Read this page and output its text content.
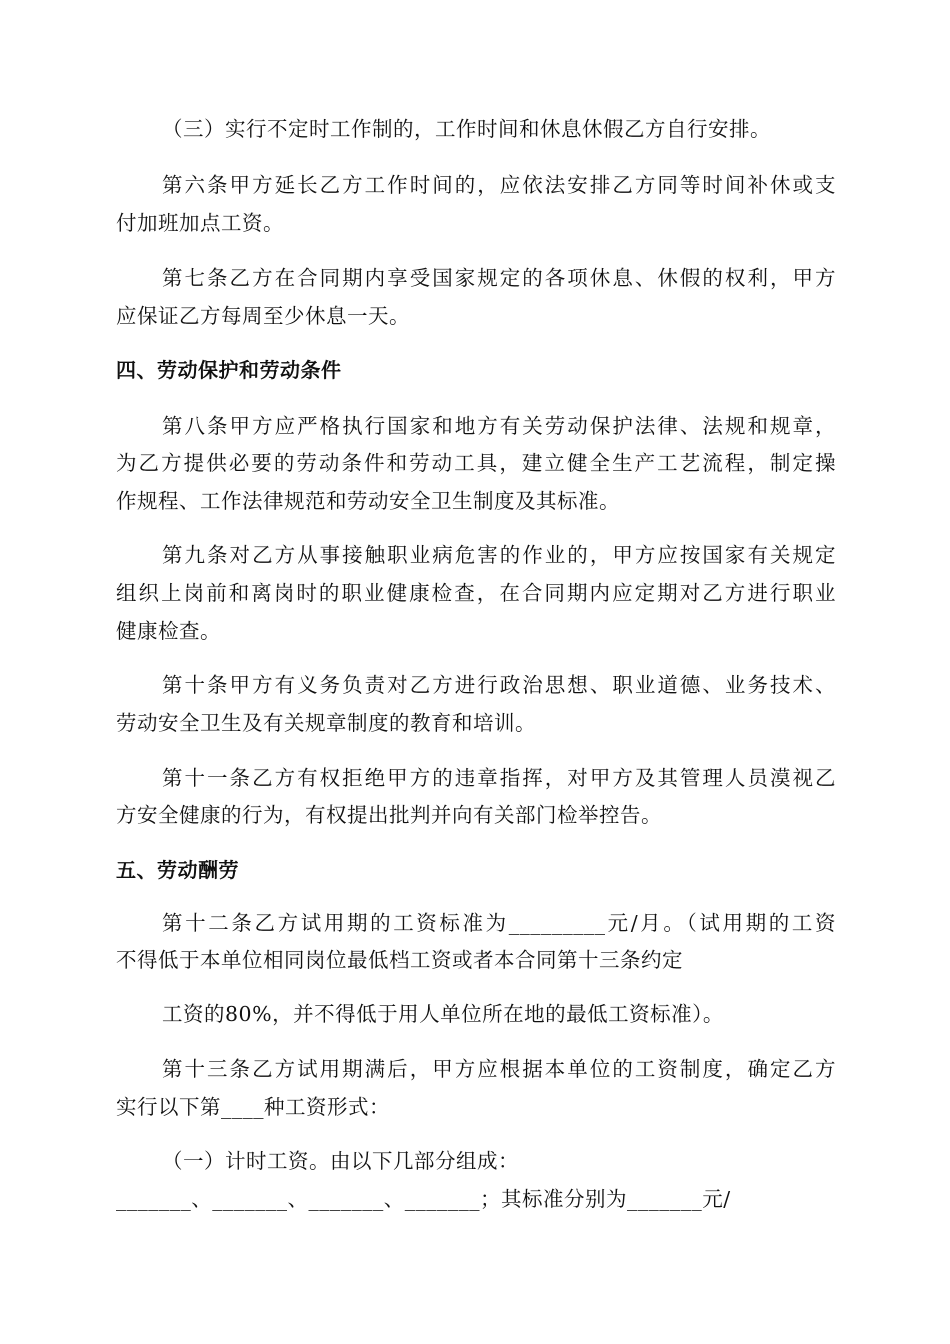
（三）实行不定时工作制的，工作时间和休息休假乙方自行安排。
第六条甲方延长乙方工作时间的，应依法安排乙方同等时间补休或支
付加班加点工资。
第七条乙方在合同期内享受国家规定的各项休息、休假的权利，甲方
应保证乙方每周至少休息一天。
四、劳动保护和劳动条件
第八条甲方应严格执行国家和地方有关劳动保护法律、法规和规章，
为乙方提供必要的劳动条件和劳动工具，建立健全生产工艺流程，制定操
作规程、工作法律规范和劳动安全卫生制度及其标准。
第九条对乙方从事接触职业病危害的作业的，甲方应按国家有关规定
组织上岗前和离岗时的职业健康检查，在合同期内应定期对乙方进行职业
健康检查。
第十条甲方有义务负责对乙方进行政治思想、职业道德、业务技术、
劳动安全卫生及有关规章制度的教育和培训。
第十一条乙方有权拒绝甲方的违章指挥，对甲方及其管理人员漠视乙
方安全健康的行为，有权提出批判并向有关部门检举控告。
五、劳动酬劳
第十二条乙方试用期的工资标准为_________元/月。（试用期的工资
不得低于本单位相同岗位最低档工资或者本合同第十三条约定
工资的80%，并不得低于用人单位所在地的最低工资标准）。
第十三条乙方试用期满后，甲方应根据本单位的工资制度，确定乙方
实行以下第____种工资形式：
（一）计时工资。由以下几部分组成：
_______、_______、_______、_______；其标准分别为_______元/
